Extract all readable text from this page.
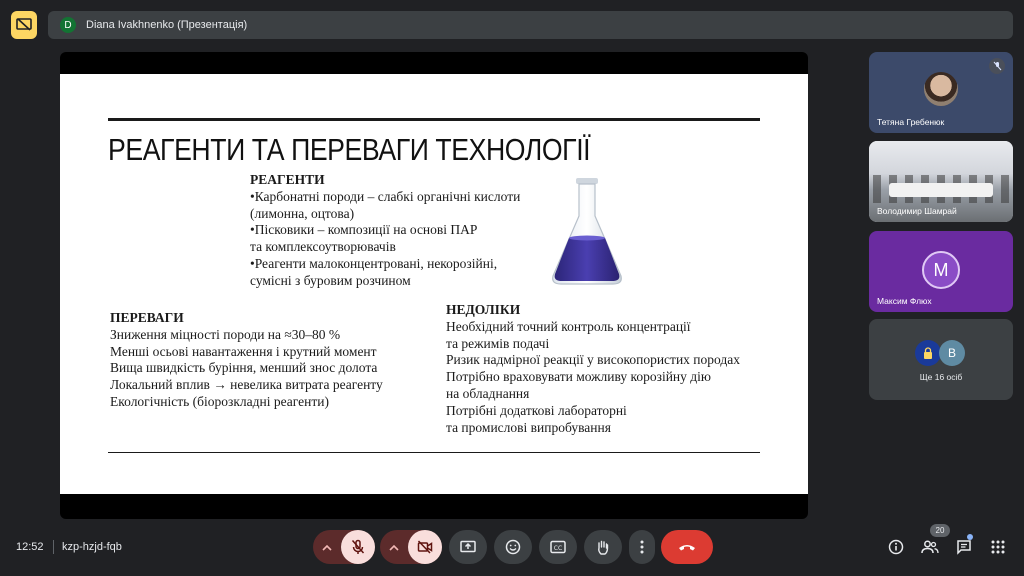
D	Diana Ivakhnenko (Презентація)
РЕАГЕНТИ ТА ПЕРЕВАГИ ТЕХНОЛОГІЇ
РЕАГЕНТИ
•Карбонатні породи – слабкі органічні кислоти
(лимонна, оцтова)
•Пісковики – композиції на основі ПАР
та комплексоутворювачів
•Реагенти малоконцентровані, некорозійні,
сумісні з буровим розчином
ПЕРЕВАГИ
Зниження міцності породи на ≈30–80 %
Менші осьові навантаження і крутний момент
Вища швидкість буріння, менший знос долота
Локальний вплив → невелика витрата реагенту
Екологічність (біорозкладні реагенти)
НЕДОЛІКИ
Необхідний точний контроль концентрації
та режимів подачі
Ризик надмірної реакції у високопористих породах
Потрібно враховувати можливу корозійну дію
на обладнання
Потрібні додаткові лабораторні
та промислові випробування
Тетяна Гребенюк
Володимир Шамрай
M
Максим Флюх
B
Ще 16 осіб
12:52 kzp-hzjd-fqb	CC
20
